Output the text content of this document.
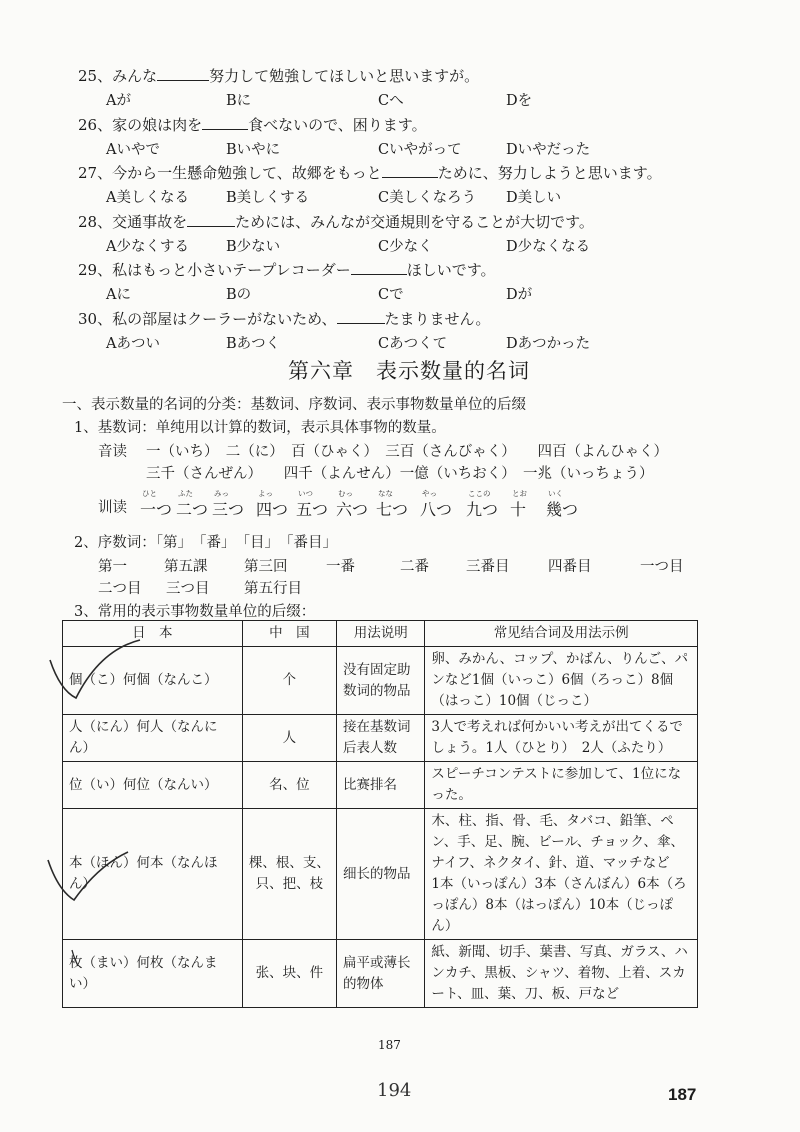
25、みんな	努力して勉強してほしいと思いますが。
Aが	Bに	Cへ	Dを
26、家の娘は肉を	食べないので、困ります。
Aいやで	Bいやに	Cいやがって	Dいやだった
27、今から一生懸命勉強して、故郷をもっと	ために、努力しようと思います。
A美しくなる	B美しくする	C美しくなろう D美しい
28、交通事故を	ためには、みんなが交通規則を守ることが大切です。
A少なくする	B少ない	C少なく	D少なくなる
29、私はもっと小さいテープレコーダー	ほしいです。
Aに	Bの	Cで	Dが
30、私の部屋はクーラーがないため、	たまりません。
Aあつい	Bあつく	Cあつくて	Dあつかった
第六章　表示数量的名词
一、表示数量的名词的分类：基数词、序数词、表示事物数量单位的后缀
1、基数词：单纯用以计算的数词，表示具体事物的数量。
音读 一（いち）　二（に）　百（ひゃく）　三百（さんびゃく）　　四百（よんひゃく）
三千（さんぜん）　　四千（よんせん）一億（いちおく）　一兆（いっちょう）
训读
ひと
一つ
ふた
二つ
みっ
三つ
よっ
四つ
いつ
五つ
むっ
六つ
なな
七つ
やっ
八つ
ここの
九つ
とお
十
いく
幾つ
2、序数词：「第」　「番」　「目」　「番目」
第一	第五課	第三回	一番	二番	三番目	四番目	一つ目
二つ目 三つ目 第五行目
3、常用的表示事物数量单位的后缀：
日　本	中　国	用法说明	常见结合词及用法示例
個（こ）何個（なんこ）	个	没有固定助数词的物品	卵、みかん、コップ、かばん、りんご、パンなど1個（いっこ）6個（ろっこ）8個（はっこ）10個（じっこ）
人（にん）何人（なんにん）	人	接在基数词后表人数	3人で考えれば何かいい考えが出てくるでしょう。1人（ひとり）　2人（ふたり）
位（い）何位（なんい）	名、位	比赛排名	スピーチコンテストに参加して、1位になった。
本（ほん）何本（なんほん）	棵、根、支、只、把、枝	细长的物品	木、柱、指、骨、毛、タバコ、鉛筆、ペン、手、足、腕、ビール、チョック、傘、ナイフ、ネクタイ、針、道、マッチなど　1本（いっぽん）3本（さんぼん）6本（ろっぽん）8本（はっぽん）10本（じっぽん）
枚（まい）何枚（なんまい）	张、块、件	扁平或薄长的物体	紙、新聞、切手、葉書、写真、ガラス、ハンカチ、黒板、シャツ、着物、上着、スカート、皿、葉、刀、板、戸など
187
194	187
